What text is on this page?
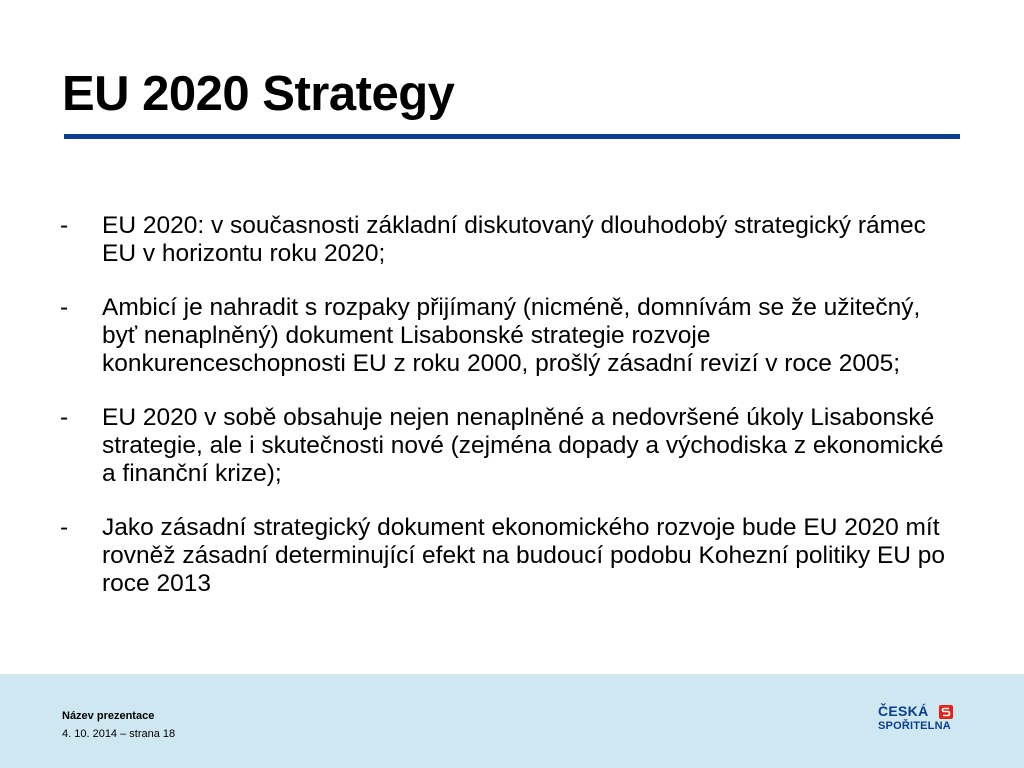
EU 2020 Strategy
- EU 2020: v současnosti základní diskutovaný dlouhodobý strategický rámec EU v horizontu roku 2020;
- Ambicí je nahradit s rozpaky přijímaný (nicméně, domnívám se že užitečný, byť nenaplněný) dokument Lisabonské strategie rozvoje konkurenceschopnosti EU z roku 2000, prošlý zásadní revizí v roce 2005;
- EU 2020 v sobě obsahuje nejen nenaplněné a nedovršené úkoly Lisabonské strategie, ale i skutečnosti nové (zejména dopady a východiska z ekonomické a finanční krize);
- Jako zásadní strategický dokument ekonomického rozvoje bude EU 2020 mít rovněž zásadní determinující efekt na budoucí podobu Kohezní politiky EU po roce 2013
Název prezentace
4. 10. 2014 – strana 18
ČESKÁ
SPOŘITELNA
